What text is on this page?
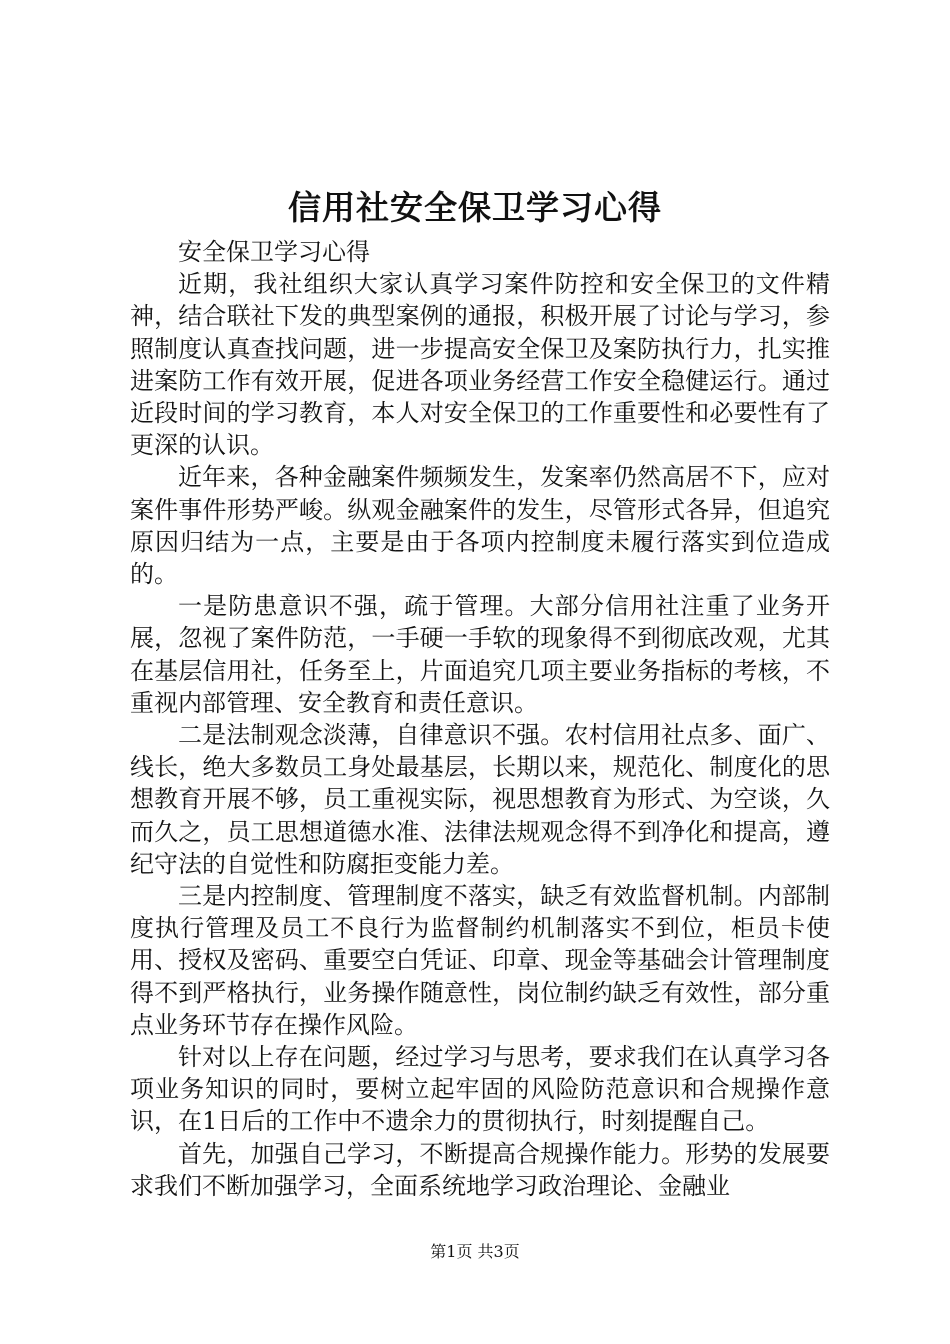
信用社安全保卫学习心得

安全保卫学习心得

近期，我社组织大家认真学习案件防控和安全保卫的文件精神，结合联社下发的典型案例的通报，积极开展了讨论与学习，参照制度认真查找问题，进一步提高安全保卫及案防执行力，扎实推进案防工作有效开展，促进各项业务经营工作安全稳健运行。通过近段时间的学习教育，本人对安全保卫的工作重要性和必要性有了更深的认识。

近年来，各种金融案件频频发生，发案率仍然高居不下，应对案件事件形势严峻。纵观金融案件的发生，尽管形式各异，但追究原因归结为一点，主要是由于各项内控制度未履行落实到位造成的。

一是防患意识不强，疏于管理。大部分信用社注重了业务开展，忽视了案件防范，一手硬一手软的现象得不到彻底改观，尤其在基层信用社，任务至上，片面追究几项主要业务指标的考核，不重视内部管理、安全教育和责任意识。

二是法制观念淡薄，自律意识不强。农村信用社点多、面广、线长，绝大多数员工身处最基层，长期以来，规范化、制度化的思想教育开展不够，员工重视实际，视思想教育为形式、为空谈，久而久之，员工思想道德水准、法律法规观念得不到净化和提高，遵纪守法的自觉性和防腐拒变能力差。

三是内控制度、管理制度不落实，缺乏有效监督机制。内部制度执行管理及员工不良行为监督制约机制落实不到位，柜员卡使用、授权及密码、重要空白凭证、印章、现金等基础会计管理制度得不到严格执行，业务操作随意性，岗位制约缺乏有效性，部分重点业务环节存在操作风险。

针对以上存在问题，经过学习与思考，要求我们在认真学习各项业务知识的同时，要树立起牢固的风险防范意识和合规操作意识，在1日后的工作中不遗余力的贯彻执行，时刻提醒自己。

首先，加强自己学习，不断提高合规操作能力。形势的发展要求我们不断加强学习，全面系统地学习政治理论、金融业

第1页 共3页
